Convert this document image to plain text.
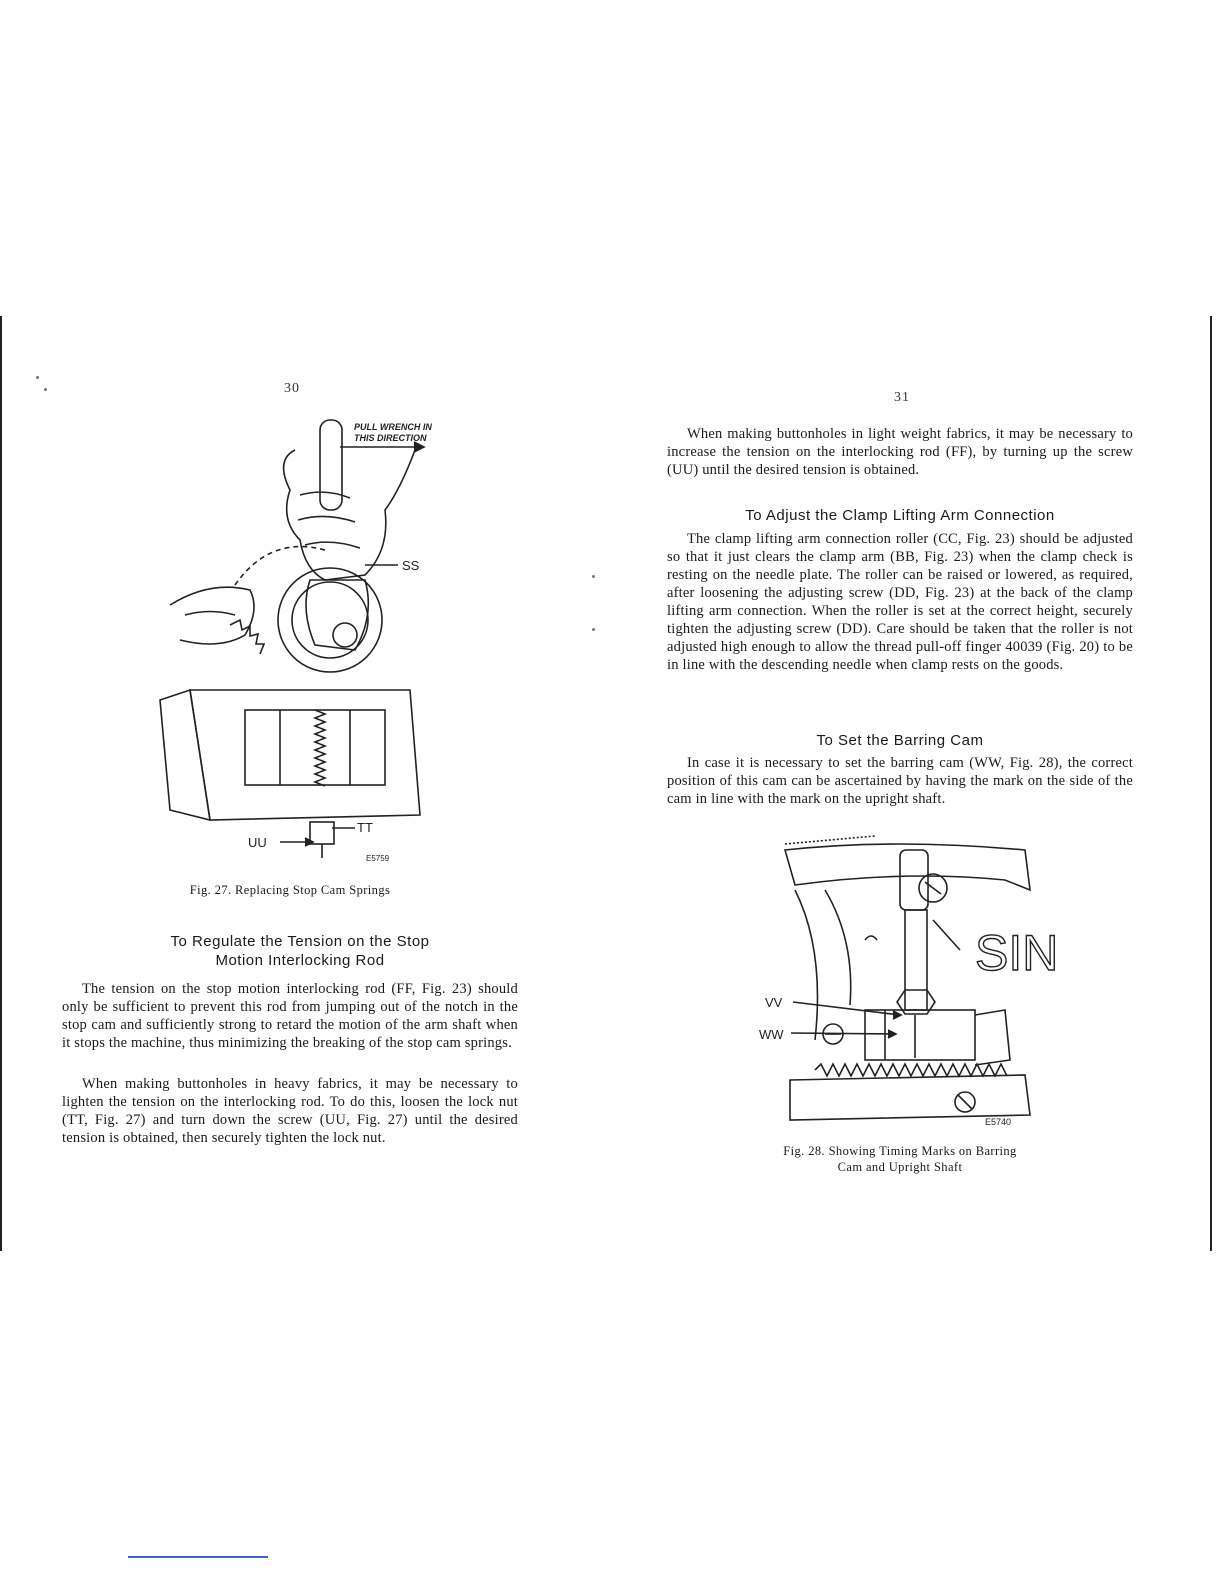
30
PULL WRENCH IN
THIS DIRECTION
SS
TT
UU
E5759
Fig. 27. Replacing Stop Cam Springs
To Regulate the Tension on the Stop
Motion Interlocking Rod

The tension on the stop motion interlocking rod (FF, Fig. 23) should only be sufficient to prevent this rod from jumping out of the notch in the stop cam and sufficiently strong to retard the motion of the arm shaft when it stops the machine, thus minimizing the breaking of the stop cam springs.

When making buttonholes in heavy fabrics, it may be necessary to lighten the tension on the interlocking rod. To do this, loosen the lock nut (TT, Fig. 27) and turn down the screw (UU, Fig. 27) until the desired tension is obtained, then securely tighten the lock nut.

31

When making buttonholes in light weight fabrics, it may be necessary to increase the tension on the interlocking rod (FF), by turning up the screw (UU) until the desired tension is obtained.

To Adjust the Clamp Lifting Arm Connection

The clamp lifting arm connection roller (CC, Fig. 23) should be adjusted so that it just clears the clamp arm (BB, Fig. 23) when the clamp check is resting on the needle plate. The roller can be raised or lowered, as required, after loosening the adjusting screw (DD, Fig. 23) at the back of the clamp lifting arm connection. When the roller is set at the correct height, securely tighten the adjusting screw (DD). Care should be taken that the roller is not adjusted high enough to allow the thread pull-off finger 40039 (Fig. 20) to be in line with the descending needle when clamp rests on the goods.

To Set the Barring Cam

In case it is necessary to set the barring cam (WW, Fig. 28), the correct position of this cam can be ascertained by having the mark on the side of the cam in line with the mark on the upright shaft.

SIN
VV
WW
E5740
Fig. 28. Showing Timing Marks on Barring
Cam and Upright Shaft
